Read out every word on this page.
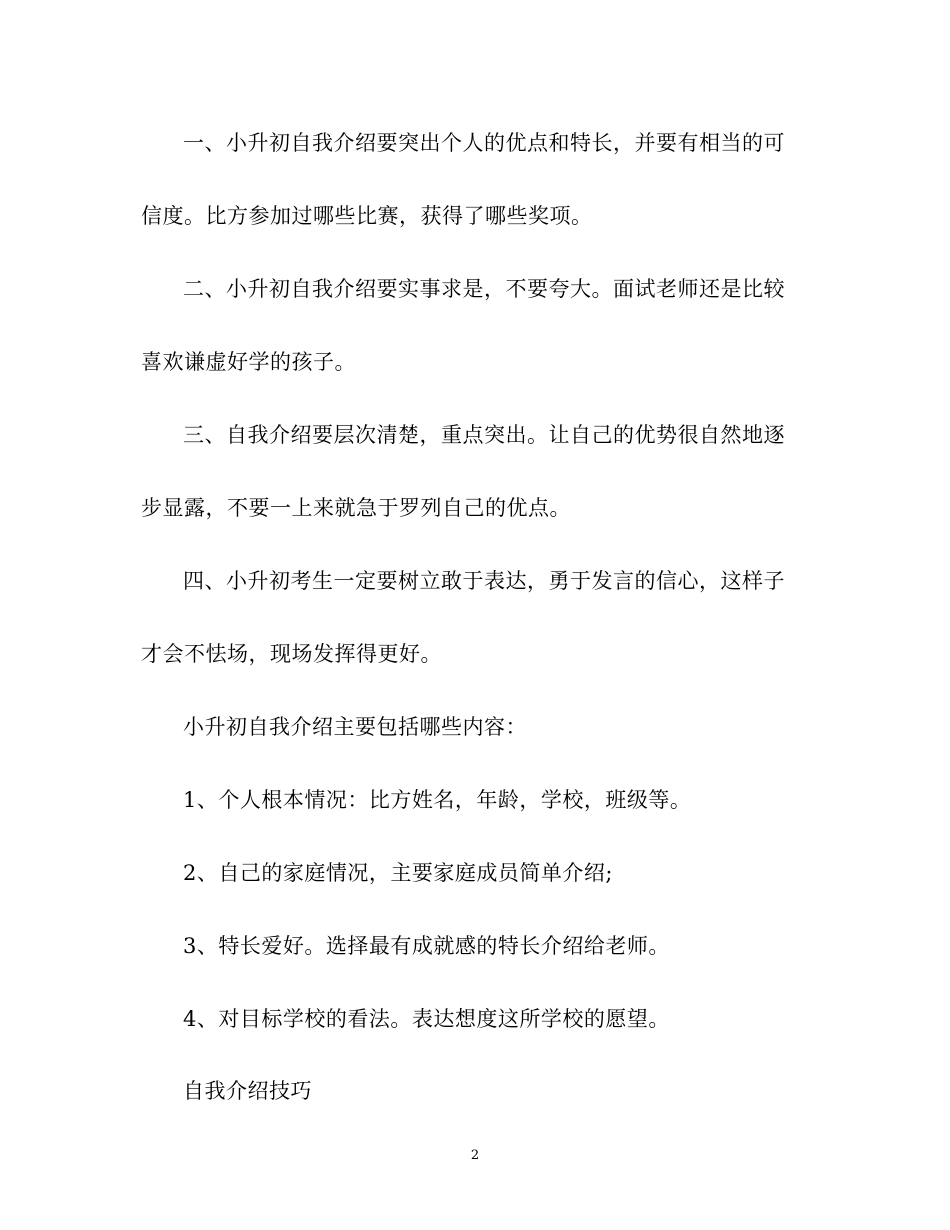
一、小升初自我介绍要突出个人的优点和特长，并要有相当的可
信度。比方参加过哪些比赛，获得了哪些奖项。
二、小升初自我介绍要实事求是，不要夸大。面试老师还是比较
喜欢谦虚好学的孩子。
三、自我介绍要层次清楚，重点突出。让自己的优势很自然地逐
步显露，不要一上来就急于罗列自己的优点。
四、小升初考生一定要树立敢于表达，勇于发言的信心，这样子
才会不怯场，现场发挥得更好。
小升初自我介绍主要包括哪些内容：
1、个人根本情况：比方姓名，年龄，学校，班级等。
2、自己的家庭情况，主要家庭成员简单介绍;
3、特长爱好。选择最有成就感的特长介绍给老师。
4、对目标学校的看法。表达想度这所学校的愿望。
自我介绍技巧
2
